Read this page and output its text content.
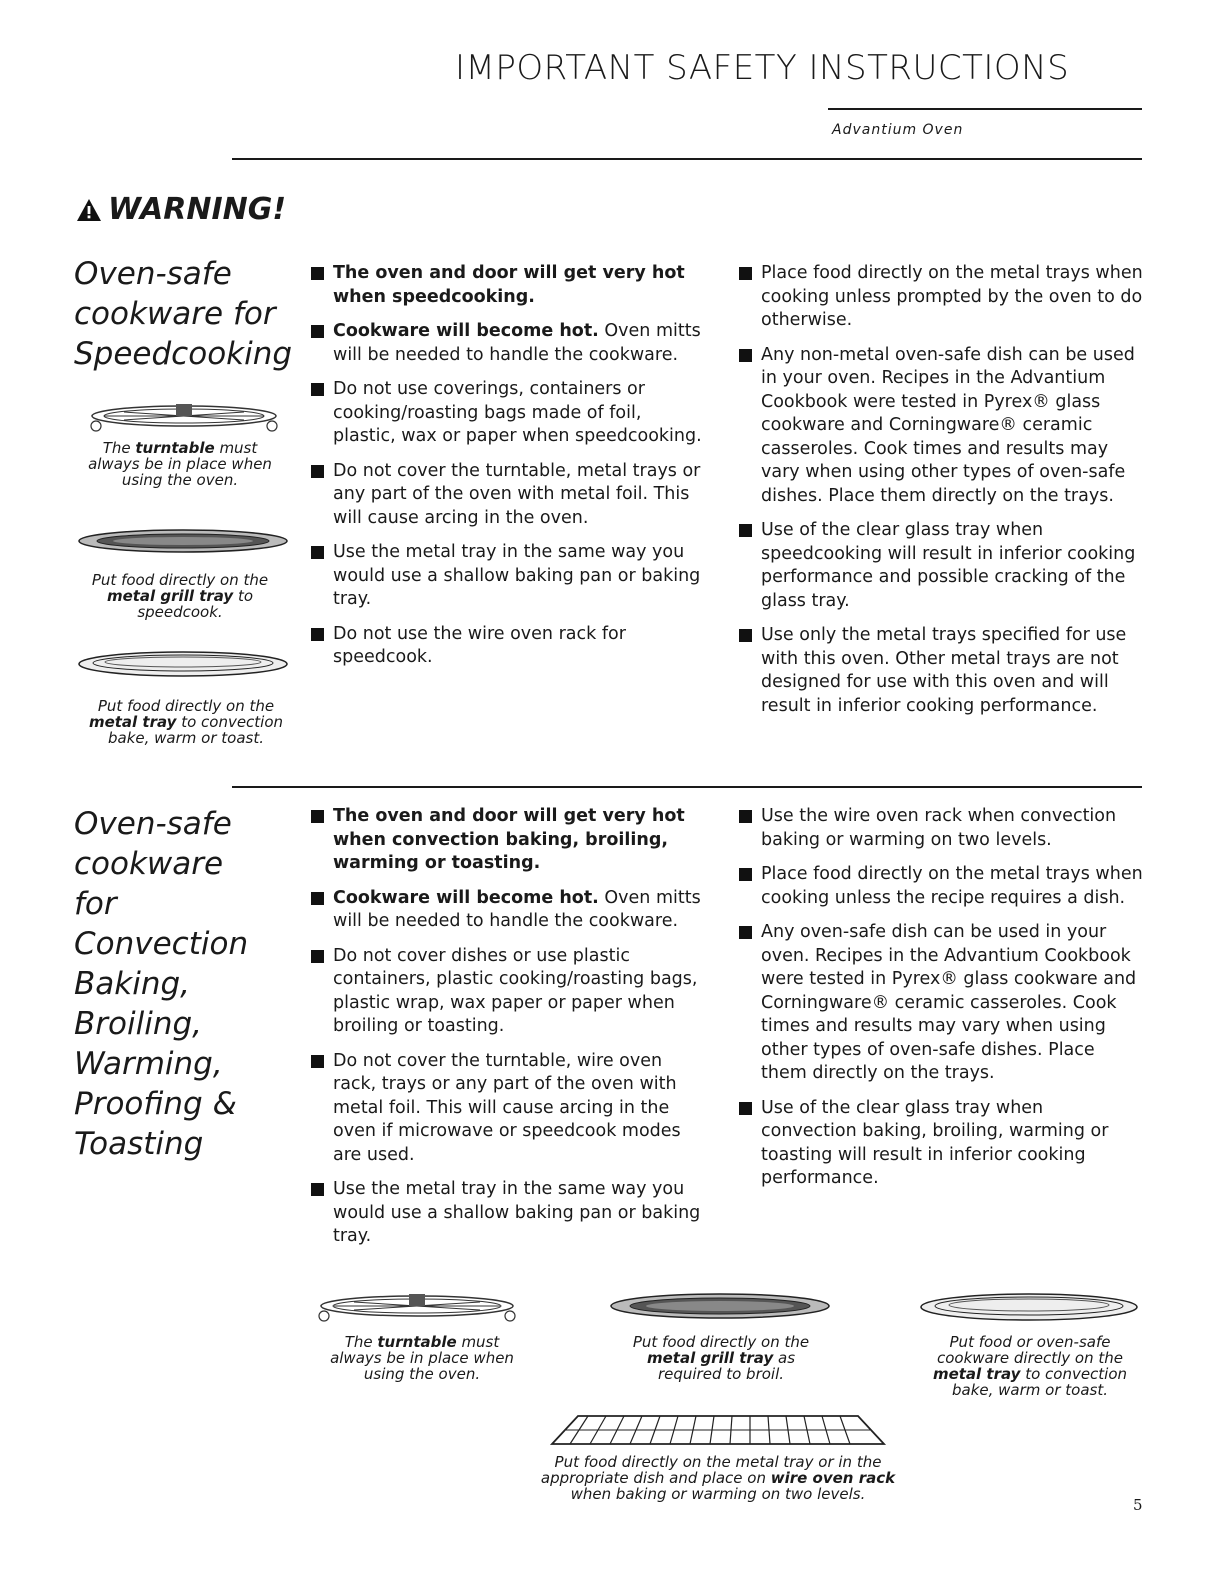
IMPORTANT SAFETY INSTRUCTIONS
Advantium Oven
WARNING!
Oven-safe
cookware for
Speedcooking
The turntable must always be in place when using the oven.
Put food directly on the metal grill tray to speedcook.
Put food directly on the metal tray to convection bake, warm or toast.
The oven and door will get very hot when speedcooking.
Cookware will become hot. Oven mitts will be needed to handle the cookware.
Do not use coverings, containers or cooking/roasting bags made of foil, plastic, wax or paper when speedcooking.
Do not cover the turntable, metal trays or any part of the oven with metal foil. This will cause arcing in the oven.
Use the metal tray in the same way you would use a shallow baking pan or baking tray.
Do not use the wire oven rack for speedcook.
Place food directly on the metal trays when cooking unless prompted by the oven to do otherwise.
Any non-metal oven-safe dish can be used in your oven. Recipes in the Advantium Cookbook were tested in Pyrex® glass cookware and Corningware® ceramic casseroles. Cook times and results may vary when using other types of oven-safe dishes. Place them directly on the trays.
Use of the clear glass tray when speedcooking will result in inferior cooking performance and possible cracking of the glass tray.
Use only the metal trays specified for use with this oven. Other metal trays are not designed for use with this oven and will result in inferior cooking performance.
Oven-safe
cookware
for
Convection
Baking,
Broiling,
Warming,
Proofing &
Toasting
The oven and door will get very hot when convection baking, broiling, warming or toasting.
Cookware will become hot. Oven mitts will be needed to handle the cookware.
Do not cover dishes or use plastic containers, plastic cooking/roasting bags, plastic wrap, wax paper or paper when broiling or toasting.
Do not cover the turntable, wire oven rack, trays or any part of the oven with metal foil. This will cause arcing in the oven if microwave or speedcook modes are used.
Use the metal tray in the same way you would use a shallow baking pan or baking tray.
Use the wire oven rack when convection baking or warming on two levels.
Place food directly on the metal trays when cooking unless the recipe requires a dish.
Any oven-safe dish can be used in your oven. Recipes in the Advantium Cookbook were tested in Pyrex® glass cookware and Corningware® ceramic casseroles. Cook times and results may vary when using other types of oven-safe dishes. Place them directly on the trays.
Use of the clear glass tray when convection baking, broiling, warming or toasting will result in inferior cooking performance.
The turntable must always be in place when using the oven.
Put food directly on the metal grill tray as required to broil.
Put food or oven-safe cookware directly on the metal tray to convection bake, warm or toast.
Put food directly on the metal tray or in the appropriate dish and place on wire oven rack when baking or warming on two levels.
5
